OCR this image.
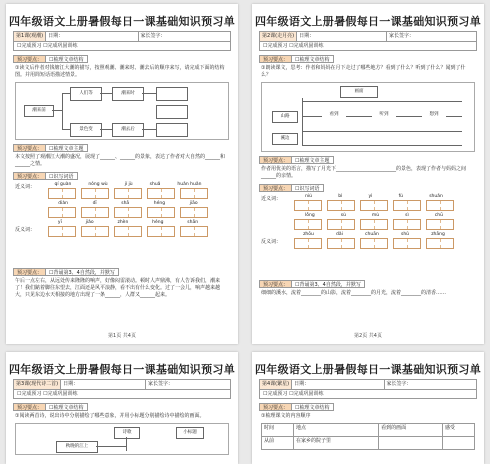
四年级语文上册暑假每日一课基础知识预习单
第1课(观潮)	日期：	家长签字：
☐完成预习 ☐完成巩固训练
预习要点：	☐梳理文章结构
①读文后作者对钱塘江大潮的描写，按照观潮、潮来时、潮去后的顺序来写，请完成下面的结构图。并用简短话语描述情景。
潮来前
人们等
景色变
潮来时
潮去后
预习要点：	☐梳理文章主题
本文按照了观潮江大潮的盛况，展现了______、______的景象，表达了作者对大自然的______和______之情。
预习要点：	☐识写词语
近义词：
反义词：
qí guàn	nóng wù	jí jù	shuǎ	huǎn huǎn
diàn	dī	shā	héng	jiāo
yī	jiǎo	zhèn	héng	shān
预习要点：	☐背诵第3、4自然段，并默写
午后一点左右，从远处传来隆隆的响声，好像闷雷滚动。顿时人声鼎沸，有人告诉我们，潮来了！我们踮着脚往东望去，江面还是风平浪静，看不出有什么变化。过了一会儿，响声越来越大，只见东边水天相接的地方出现了一条______，人群又______起来。
第1页 共4页
四年级语文上册暑假每日一课基础知识预习单
第2课(走月亮)	日期：	家长签字：
☐完成预习 ☐完成巩固训练
预习要点：	☐梳理文章结构
①朗读课文，思考：作者和妈妈在月下走过了哪些地方？看到了什么？听到了什么？闻到了什么？
画面
山路
溪边
看到	听到	想到
预习要点：	☐梳理文章主题
作者用优美的语言，描写了月光下________________________的景色，表现了作者与妈妈之间______的亲情。
预习要点：	☐识写词语
近义词：
反义词：
niú	bì	yì	fú	shuǎn
lǒng	sù	mù	sì	chū
zhōu	dǎi	chuān	shǔ	zhāng
预习要点：	☐背诵第3、4自然段，并默写
细细的溪水，流着________的山影，流着________的月光，流着________的清香……
第2页 共4页
四年级语文上册暑假每日一课基础知识预习单
第3课(现代诗二首)	日期：	家长签字：
☐完成预习 ☐完成巩固训练
预习要点：	☐梳理文章结构
①阅读两首诗，说出诗中分别描绘了哪些意象，并用小标题分别描绘诗中描绘的画面。
诗歌	小标题
秋晚的江上
四年级语文上册暑假每日一课基础知识预习单
第4课(繁星)	日期：	家长签字：
☐完成预习 ☐完成巩固训练
预习要点：	☐梳理文章结构
①梳理课文的内容顺序
时间	地点	看到的画面	感受
从前	在家乡的院子里		
